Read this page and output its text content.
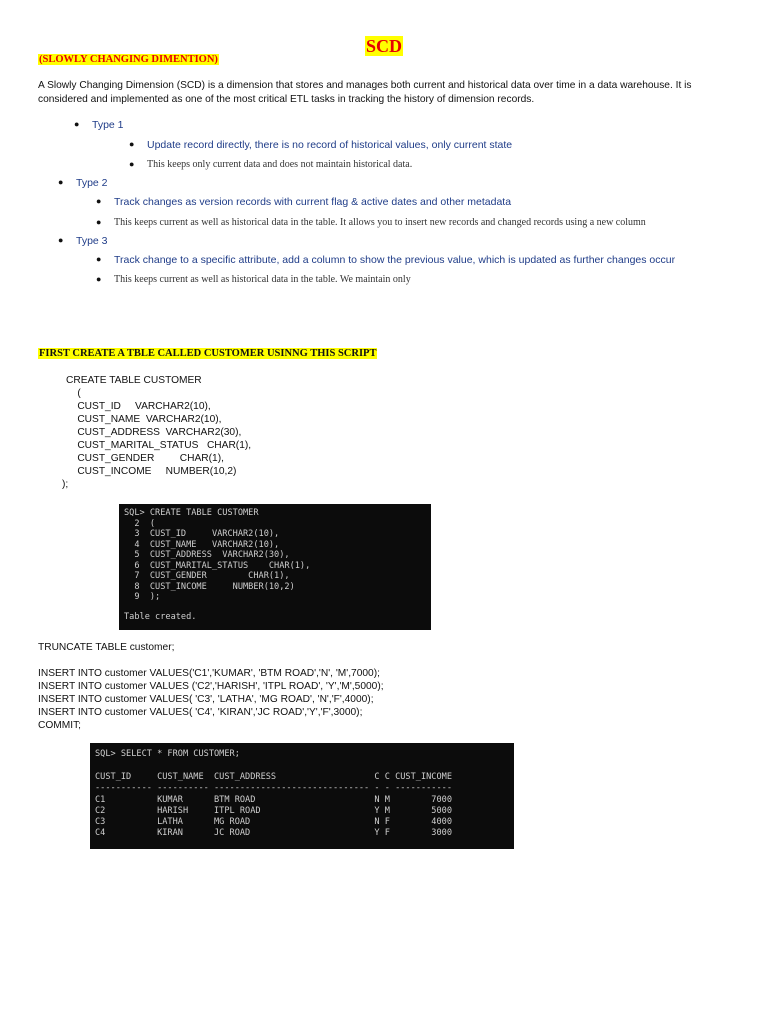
SCD
(SLOWLY CHANGING DIMENTION)
A Slowly Changing Dimension (SCD) is a dimension that stores and manages both current and historical data over time in a data warehouse. It is considered and implemented as one of the most critical ETL tasks in tracking the history of dimension records.
● Type 1
● Update record directly, there is no record of historical values, only current state
● This keeps only current data and does not maintain historical data.
● Type 2
● Track changes as version records with current flag & active dates and other metadata
● This keeps current as well as historical data in the table. It allows you to insert new records and changed records using a new column
● Type 3
● Track change to a specific attribute, add a column to show the previous value, which is updated as further changes occur
● This keeps current as well as historical data in the table. We maintain only
FIRST CREATE A TBLE CALLED CUSTOMER USINNG THIS SCRIPT
CREATE TABLE CUSTOMER
(
CUST_ID     VARCHAR2(10),
CUST_NAME  VARCHAR2(10),
CUST_ADDRESS  VARCHAR2(30),
CUST_MARITAL_STATUS   CHAR(1),
CUST_GENDER         CHAR(1),
CUST_INCOME     NUMBER(10,2)
);

SQL> CREATE TABLE CUSTOMER

2  (

3  CUST_ID     VARCHAR2(10),

4  CUST_NAME   VARCHAR2(10),

5  CUST_ADDRESS  VARCHAR2(30),

6  CUST_MARITAL_STATUS    CHAR(1),

7  CUST_GENDER        CHAR(1),

8  CUST_INCOME     NUMBER(10,2)

9  );

Table created.

TRUNCATE TABLE customer;
INSERT INTO customer VALUES('C1','KUMAR', 'BTM ROAD','N', 'M',7000);
INSERT INTO customer VALUES ('C2','HARISH', 'ITPL ROAD', 'Y','M',5000);
INSERT INTO customer VALUES( 'C3', 'LATHA', 'MG ROAD', 'N','F',4000);
INSERT INTO customer VALUES( 'C4', 'KIRAN','JC ROAD','Y','F',3000);
COMMIT;

SQL> SELECT * FROM CUSTOMER;

CUST_ID     CUST_NAME  CUST_ADDRESS                   C C CUST_INCOME

----------- ---------- ------------------------------ - - -----------

C1          KUMAR      BTM ROAD                       N M        7000

C2          HARISH     ITPL ROAD                      Y M        5000

C3          LATHA      MG ROAD                        N F        4000

C4          KIRAN      JC ROAD                        Y F        3000
